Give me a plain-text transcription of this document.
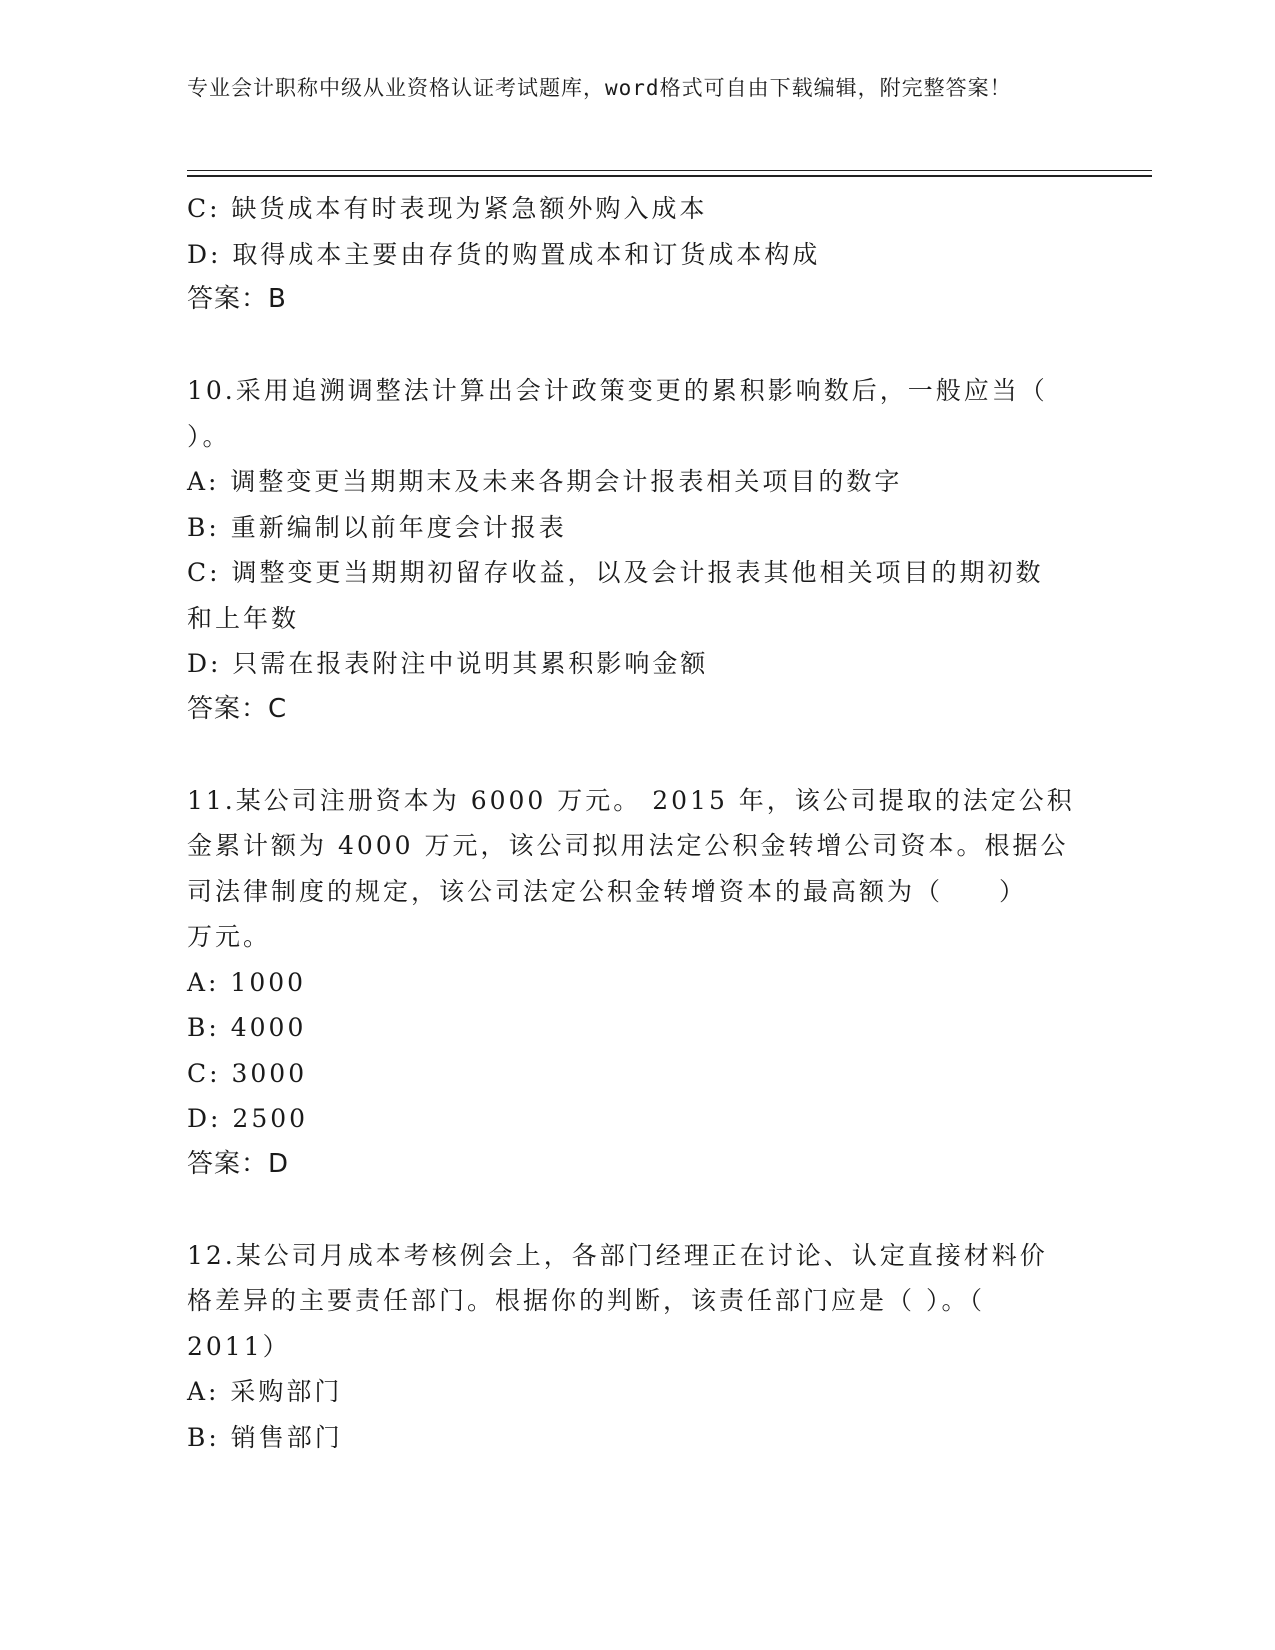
专业会计职称中级从业资格认证考试题库，word格式可自由下载编辑，附完整答案！
C: 缺货成本有时表现为紧急额外购入成本
D: 取得成本主要由存货的购置成本和订货成本构成
答案：B
10.采用追溯调整法计算出会计政策变更的累积影响数后，一般应当（
）。
A: 调整变更当期期末及未来各期会计报表相关项目的数字
B: 重新编制以前年度会计报表
C: 调整变更当期期初留存收益，以及会计报表其他相关项目的期初数
和上年数
D: 只需在报表附注中说明其累积影响金额
答案：C
11.某公司注册资本为 6000 万元。 2015 年，该公司提取的法定公积
金累计额为 4000 万元，该公司拟用法定公积金转增公司资本。根据公
司法律制度的规定，该公司法定公积金转增资本的最高额为（　　）
万元。
A: 1000
B: 4000
C: 3000
D: 2500
答案：D
12.某公司月成本考核例会上，各部门经理正在讨论、认定直接材料价
格差异的主要责任部门。根据你的判断，该责任部门应是（ ）。（
2011）
A: 采购部门
B: 销售部门
